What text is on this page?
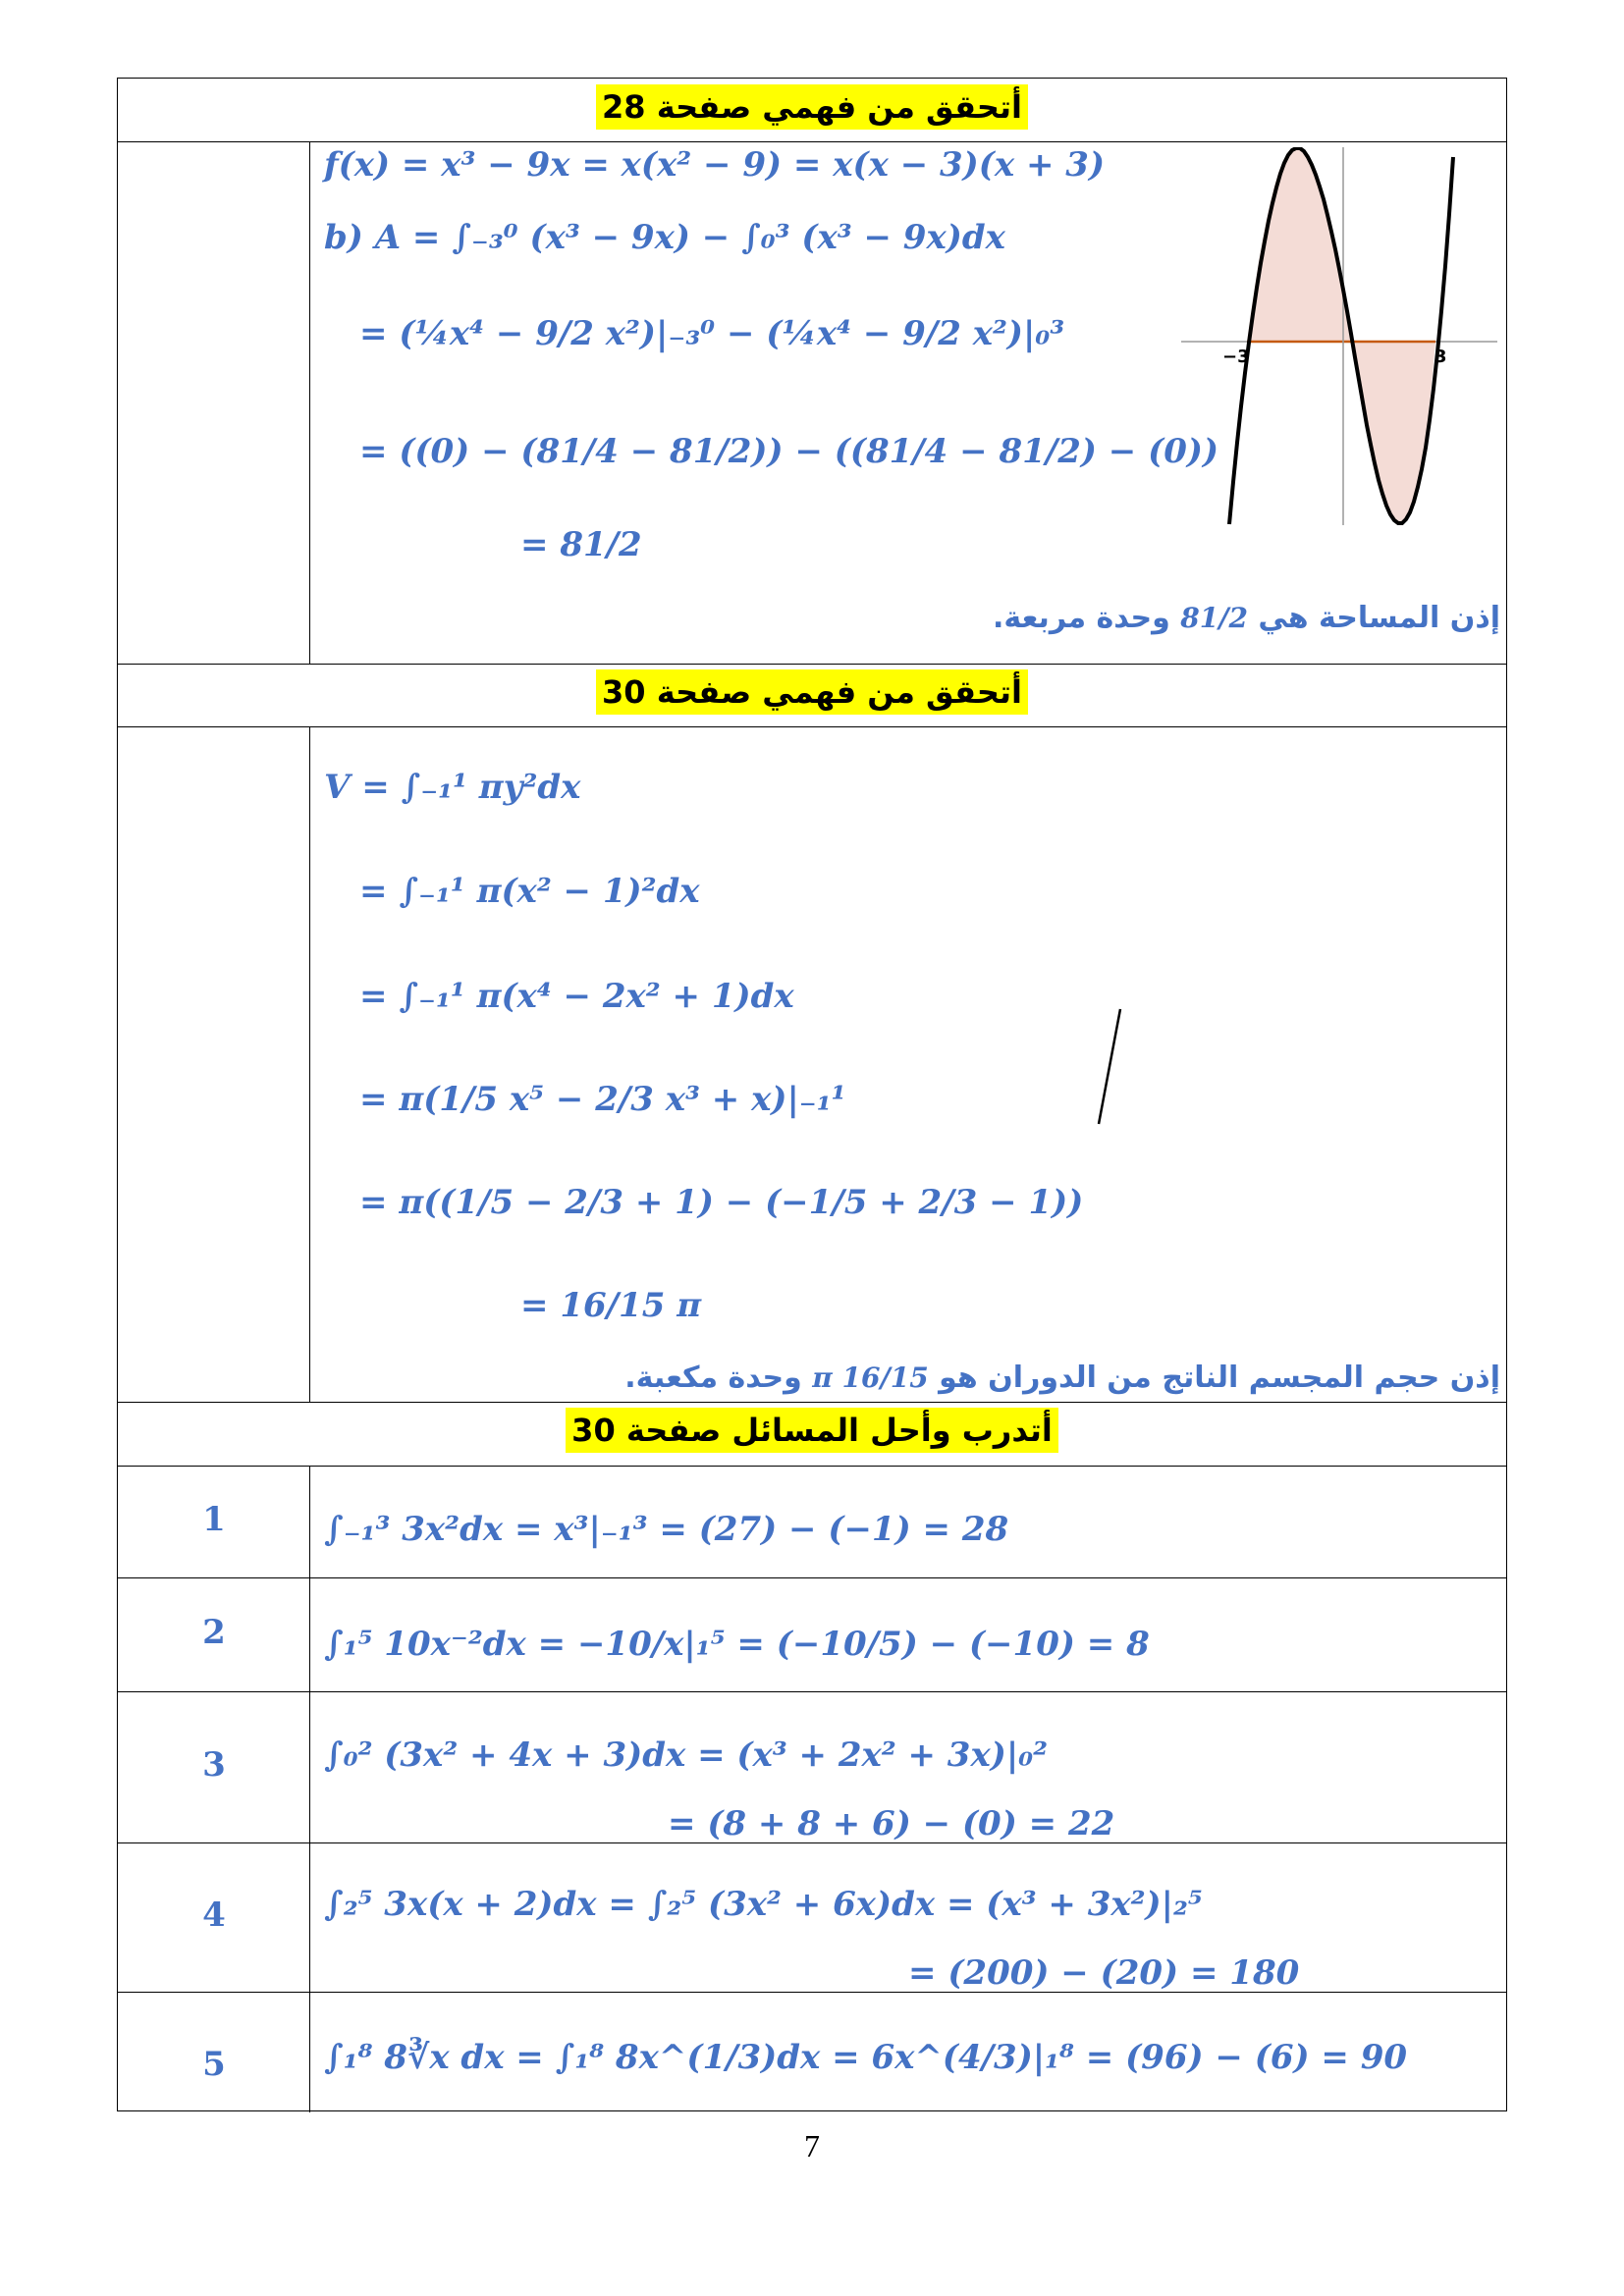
أتحقق من فهمي صفحة 28
أتحقق من فهمي صفحة 30
أتدرب وأحل المسائل صفحة 30
1
2
3
4
5
f(x) = x³ − 9x = x(x² − 9) = x(x − 3)(x + 3)
b) A = ∫₋₃⁰ (x³ − 9x) − ∫₀³ (x³ − 9x)dx
= (¼x⁴ − 9/2 x²)|₋₃⁰ − (¼x⁴ − 9/2 x²)|₀³
= ((0) − (81/4 − 81/2)) − ((81/4 − 81/2) − (0))
= 81/2
إذن المساحة هي 81/2 وحدة مربعة.
−3	3
V = ∫₋₁¹ πy²dx
= ∫₋₁¹ π(x² − 1)²dx
= ∫₋₁¹ π(x⁴ − 2x² + 1)dx
= π(1/5 x⁵ − 2/3 x³ + x)|₋₁¹
= π((1/5 − 2/3 + 1) − (−1/5 + 2/3 − 1))
= 16/15 π
إذن حجم المجسم الناتج من الدوران هو 16/15 π وحدة مكعبة.
∫₋₁³ 3x²dx = x³|₋₁³ = (27) − (−1) = 28
∫₁⁵ 10x⁻²dx = −10/x|₁⁵ = (−10/5) − (−10) = 8
∫₀² (3x² + 4x + 3)dx = (x³ + 2x² + 3x)|₀²
= (8 + 8 + 6) − (0) = 22
∫₂⁵ 3x(x + 2)dx = ∫₂⁵ (3x² + 6x)dx = (x³ + 3x²)|₂⁵
= (200) − (20) = 180
∫₁⁸ 8∛x dx = ∫₁⁸ 8x^(1/3)dx = 6x^(4/3)|₁⁸ = (96) − (6) = 90
7
